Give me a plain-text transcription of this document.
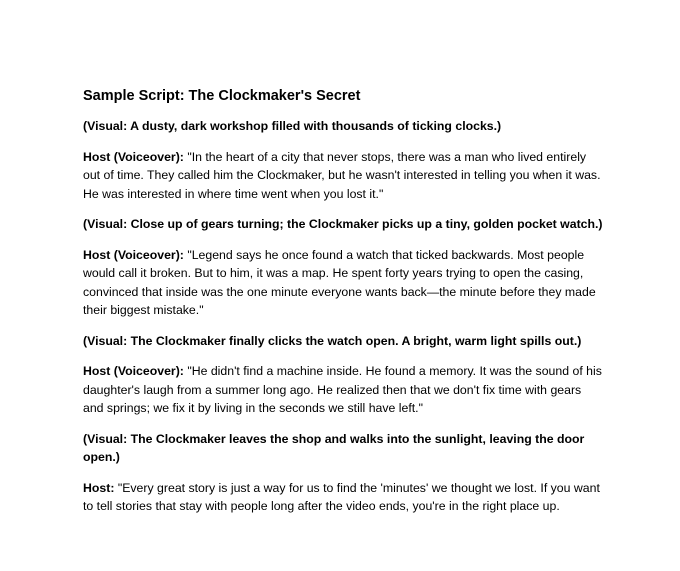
Sample Script: The Clockmaker's Secret
(Visual: A dusty, dark workshop filled with thousands of ticking clocks.)
Host (Voiceover): "In the heart of a city that never stops, there was a man who lived entirely out of time. They called him the Clockmaker, but he wasn't interested in telling you when it was. He was interested in where time went when you lost it."
(Visual: Close up of gears turning; the Clockmaker picks up a tiny, golden pocket watch.)
Host (Voiceover): "Legend says he once found a watch that ticked backwards. Most people would call it broken. But to him, it was a map. He spent forty years trying to open the casing, convinced that inside was the one minute everyone wants back—the minute before they made their biggest mistake."
(Visual: The Clockmaker finally clicks the watch open. A bright, warm light spills out.)
Host (Voiceover): "He didn't find a machine inside. He found a memory. It was the sound of his daughter's laugh from a summer long ago. He realized then that we don't fix time with gears and springs; we fix it by living in the seconds we still have left."
(Visual: The Clockmaker leaves the shop and walks into the sunlight, leaving the door open.)
Host: "Every great story is just a way for us to find the 'minutes' we thought we lost. If you want to tell stories that stay with people long after the video ends, you're in the right place up.
